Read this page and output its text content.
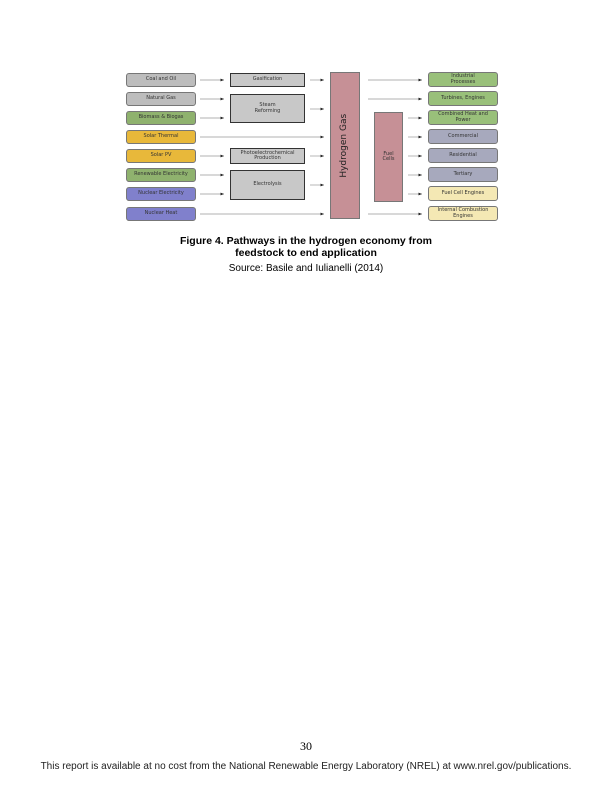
Coal and Oil
Natural Gas
Biomass & Biogas
Solar Thermal
Solar PV
Renewable Electricity
Nuclear Electricity
Nuclear Heat
Gasification
Steam Reforming
Photoelectrochemical Production
Electrolysis
Hydrogen Gas	Fuel Cells
Industrial Processes
Turbines, Engines
Combined Heat and Power
Commercial
Residential
Tertiary
Fuel Cell Engines
Internal Combustion Engines
Figure 4. Pathways in the hydrogen economy from feedstock to end application
Source: Basile and Iulianelli (2014)
30
This report is available at no cost from the National Renewable Energy Laboratory (NREL) at www.nrel.gov/publications.
